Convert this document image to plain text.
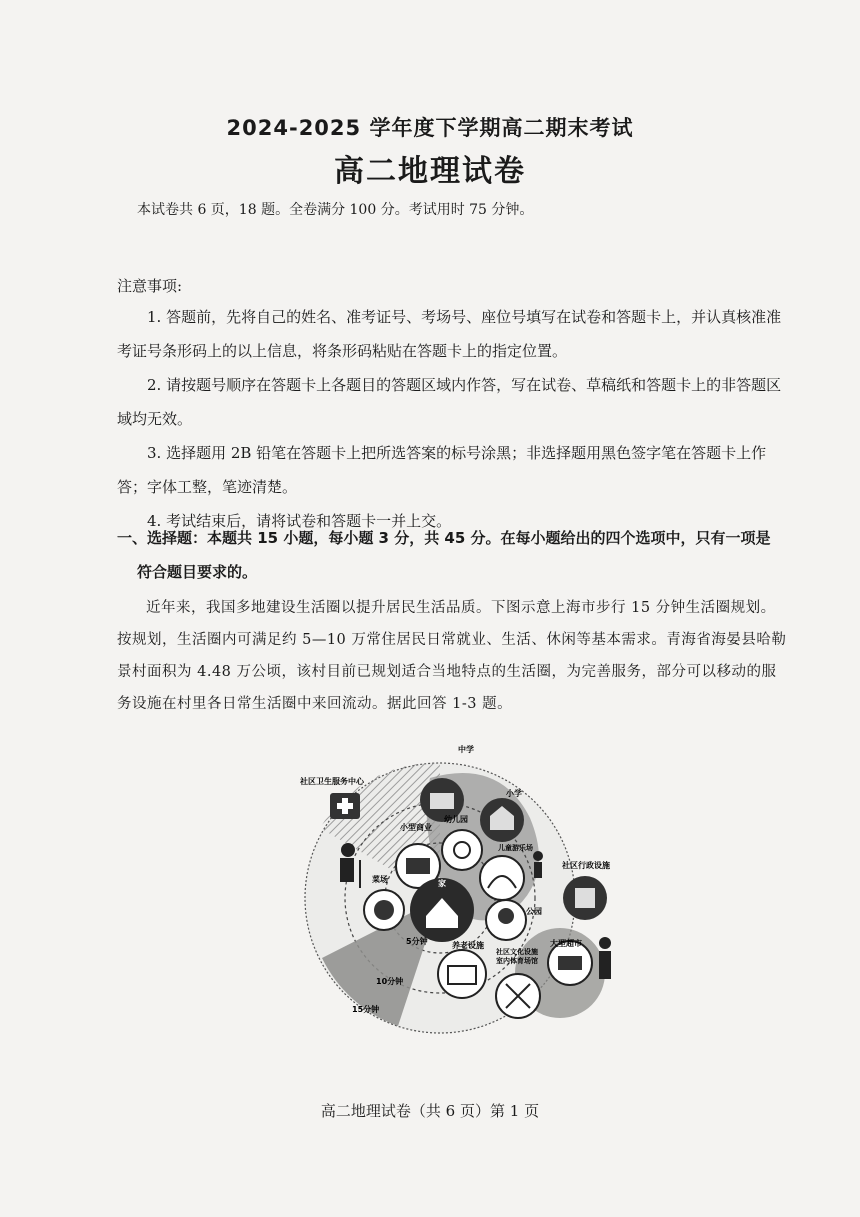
2024-2025 学年度下学期高二期末考试
高二地理试卷
本试卷共 6 页，18 题。全卷满分 100 分。考试用时 75 分钟。
注意事项:
1. 答题前，先将自己的姓名、准考证号、考场号、座位号填写在试卷和答题卡上，并认真核准准考证号条形码上的以上信息，将条形码粘贴在答题卡上的指定位置。
2. 请按题号顺序在答题卡上各题目的答题区域内作答，写在试卷、草稿纸和答题卡上的非答题区域均无效。
3. 选择题用 2B 铅笔在答题卡上把所选答案的标号涂黑；非选择题用黑色签字笔在答题卡上作答；字体工整，笔迹清楚。
4. 考试结束后，请将试卷和答题卡一并上交。
一、选择题：本题共 15 小题，每小题 3 分，共 45 分。在每小题给出的四个选项中，只有一项是
符合题目要求的。
近年来，我国多地建设生活圈以提升居民生活品质。下图示意上海市步行 15 分钟生活圈规划。按规划，生活圈内可满足约 5—10 万常住居民日常就业、生活、休闲等基本需求。青海省海晏县哈勒景村面积为 4.48 万公顷，该村目前已规划适合当地特点的生活圈，为完善服务，部分可以移动的服务设施在村里各日常生活圈中来回流动。据此回答 1-3 题。
中学
小学
社区卫生服务中心
小型商业
幼儿园
儿童游乐场
社区行政设施
菜场	家
公园
养老设施
社区文化设施
室内体育场馆
大型超市
5分钟
10分钟
15分钟
高二地理试卷（共 6 页）第 1 页
